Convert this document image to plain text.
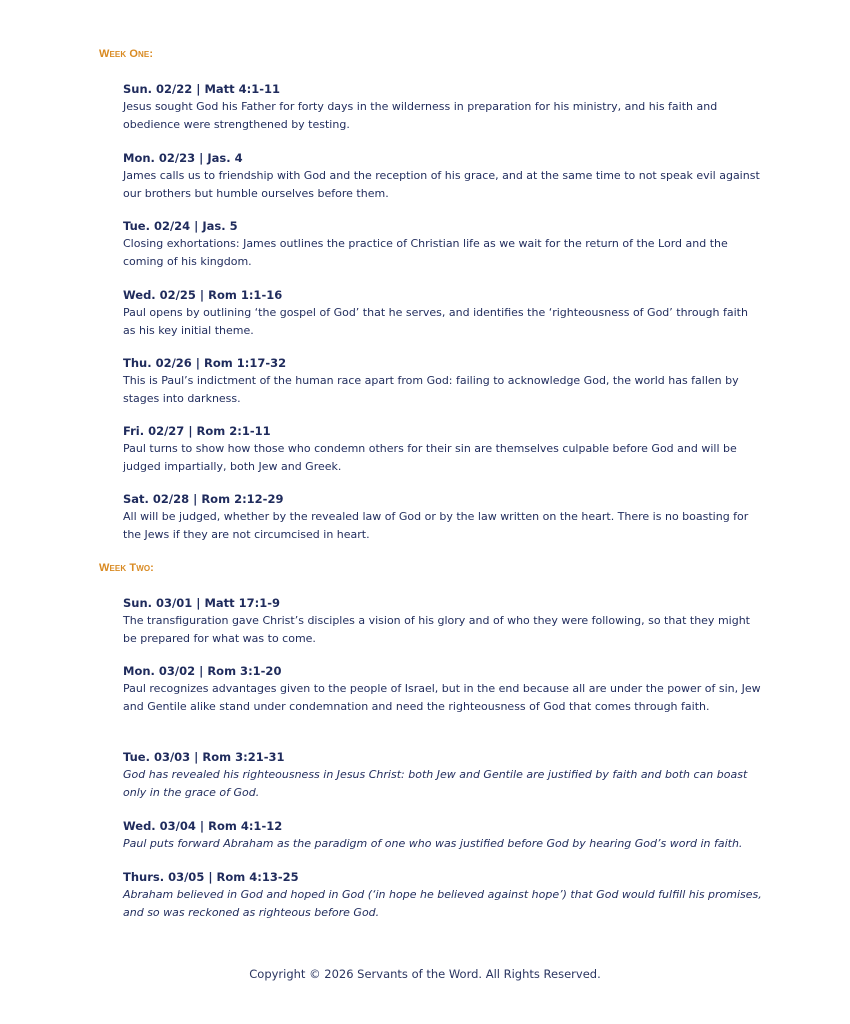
Week One:
Sun. 02/22 | Matt 4:1-11
Jesus sought God his Father for forty days in the wilderness in preparation for his ministry, and his faith and obedience were strengthened by testing.
Mon. 02/23 | Jas. 4
James calls us to friendship with God and the reception of his grace, and at the same time to not speak evil against our brothers but humble ourselves before them.
Tue. 02/24 | Jas. 5
Closing exhortations: James outlines the practice of Christian life as we wait for the return of the Lord and the coming of his kingdom.
Wed. 02/25 | Rom 1:1-16
Paul opens by outlining ‘the gospel of God’ that he serves, and identifies the ‘righteousness of God’ through faith as his key initial theme.
Thu. 02/26 | Rom 1:17-32
This is Paul’s indictment of the human race apart from God: failing to acknowledge God, the world has fallen by stages into darkness.
Fri. 02/27 | Rom 2:1-11
Paul turns to show how those who condemn others for their sin are themselves culpable before God and will be judged impartially, both Jew and Greek.
Sat. 02/28 | Rom 2:12-29
All will be judged, whether by the revealed law of God or by the law written on the heart. There is no boasting for the Jews if they are not circumcised in heart.
Week Two:
Sun. 03/01 | Matt 17:1-9
The transfiguration gave Christ’s disciples a vision of his glory and of who they were following, so that they might be prepared for what was to come.
Mon. 03/02 | Rom 3:1-20
Paul recognizes advantages given to the people of Israel, but in the end because all are under the power of sin, Jew and Gentile alike stand under condemnation and need the righteousness of God that comes through faith.
Tue. 03/03 | Rom 3:21-31
God has revealed his righteousness in Jesus Christ: both Jew and Gentile are justified by faith and both can boast only in the grace of God.
Wed. 03/04 | Rom 4:1-12
Paul puts forward Abraham as the paradigm of one who was justified before God by hearing God’s word in faith.
Thurs. 03/05 | Rom 4:13-25
Abraham believed in God and hoped in God (‘in hope he believed against hope’) that God would fulfill his promises, and so was reckoned as righteous before God.
Copyright © 2026 Servants of the Word. All Rights Reserved.
